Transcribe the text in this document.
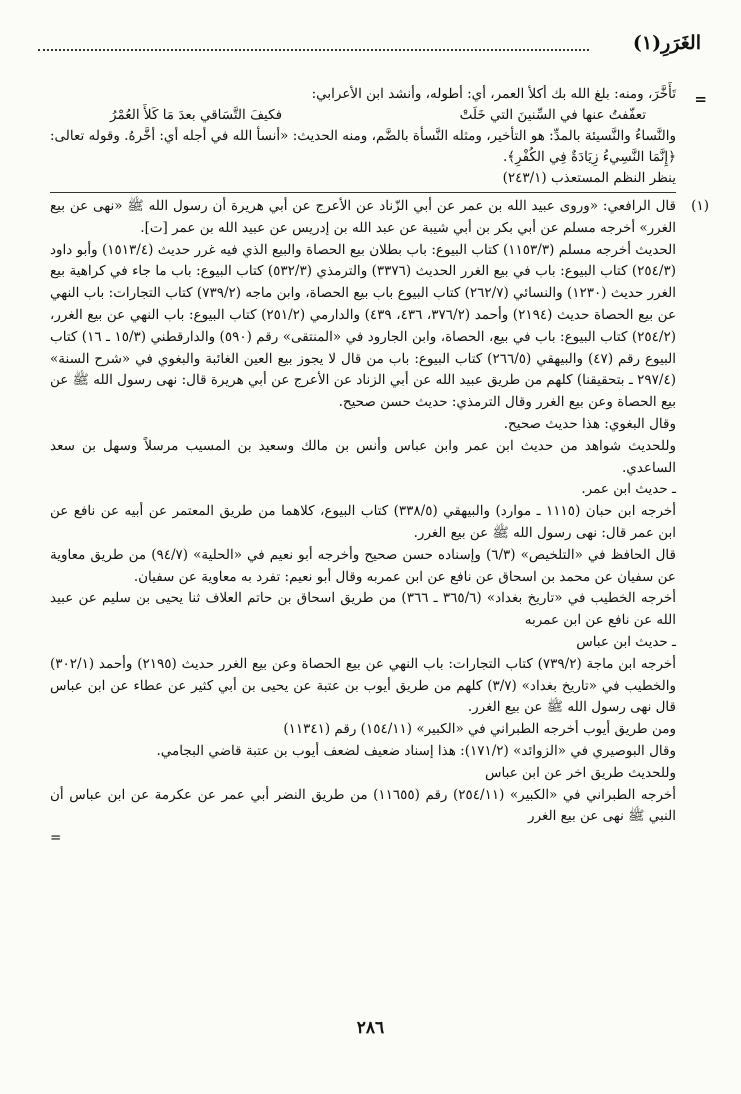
الغَرَرِ(١)
=

تَأَخَّرَ، ومنه: بلغ الله بك أكلأ العمر، أي: أطوله، وأنشد ابن الأعرابي:

تعفّفتُ عنها في السِّنينَ التي خَلَتْ
فكيفَ التَّسَاقي بعدَ مَا كَلأَ العُمْرُ

والنَّساءُ والنَّسيئة بالمدِّ: هو التأخير، ومثله النَّسأة بالضَّم، ومنه الحديث: «أنسأ الله في أجله أي: أخَّرهُ. وقوله تعالى: ﴿إِنَّمَا النَّسِيءُ زِيَادَةٌ فِي الكُفْرِ﴾.

ينظر النظم المستعذب (٢٤٣/١)

(١)

قال الرافعي: «وروى عبيد الله بن عمر عن أبي الزّناد عن الأعرج عن أبي هريرة أن رسول الله ﷺ «نهى عن بيع الغرر» أخرجه مسلم عن أبي بكر بن أبي شيبة عن عبد الله بن إدريس عن عبيد الله بن عمر [ت].

الحديث أخرجه مسلم (١١٥٣/٣) كتاب البيوع: باب بطلان بيع الحصاة والبيع الذي فيه غرر حديث (١٥١٣/٤) وأبو داود (٢٥٤/٣) كتاب البيوع: باب في بيع الغرر الحديث (٣٣٧٦) والترمذي (٥٣٢/٣) كتاب البيوع: باب ما جاء في كراهية بيع الغرر حديث (١٢٣٠) والنسائي (٢٦٢/٧) كتاب البيوع باب بيع الحصاة، وابن ماجه (٧٣٩/٢) كتاب التجارات: باب النهي عن بيع الحصاة حديث (٢١٩٤) وأحمد (٣٧٦/٢، ٤٣٦، ٤٣٩) والدارمي (٢٥١/٢) كتاب البيوع: باب النهي عن بيع الغرر، (٢٥٤/٢) كتاب البيوع: باب في بيع، الحصاة، وابن الجارود في «المنتقى» رقم (٥٩٠) والدارقطني (١٥/٣ ـ ١٦) كتاب البيوع رقم (٤٧) والبيهقي (٢٦٦/٥) كتاب البيوع: باب من قال لا يجوز بيع العين الغائبة والبغوي في «شرح السنة» (٢٩٧/٤ ـ بتحقيقنا) كلهم من طريق عبيد الله عن أبي الزناد عن الأعرج عن أبي هريرة قال: نهى رسول الله ﷺ عن بيع الحصاة وعن بيع الغرر وقال الترمذي: حديث حسن صحيح.

وقال البغوي: هذا حديث صحيح.

وللحديث شواهد من حديث ابن عمر وابن عباس وأنس بن مالك وسعيد بن المسيب مرسلاً وسهل بن سعد الساعدي.

ـ حديث ابن عمر.

أخرجه ابن حبان (١١١٥ ـ موارد) والبيهقي (٣٣٨/٥) كتاب البيوع، كلاهما من طريق المعتمر عن أبيه عن نافع عن ابن عمر قال: نهى رسول الله ﷺ عن بيع الغرر.

قال الحافظ في «التلخيص» (٦/٣) وإسناده حسن صحيح وأخرجه أبو نعيم في «الحلية» (٩٤/٧) من طريق معاوية عن سفيان عن محمد بن اسحاق عن نافع عن ابن عمربه وقال أبو نعيم: تفرد به معاوية عن سفيان.

أخرجه الخطيب في «تاريخ بغداد» (٣٦٥/٦ ـ ٣٦٦) من طريق اسحاق بن حاتم العلاف ثنا يحيى بن سليم عن عبيد الله عن نافع عن ابن عمربه

ـ حديث ابن عباس

أخرجه ابن ماجة (٧٣٩/٢) كتاب التجارات: باب النهي عن بيع الحصاة وعن بيع الغرر حديث (٢١٩٥) وأحمد (٣٠٢/١) والخطيب في «تاريخ بغداد» (٣/٧) كلهم من طريق أيوب بن عتبة عن يحيى بن أبي كثير عن عطاء عن ابن عباس قال نهى رسول الله ﷺ عن بيع الغرر.

ومن طريق أيوب أخرجه الطبراني في «الكبير» (١٥٤/١١) رقم (١١٣٤١)

وقال البوصيري في «الزوائد» (١٧١/٢): هذا إسناد ضعيف لضعف أيوب بن عتبة قاضي البجامي.

وللحديث طريق اخر عن ابن عباس

أخرجه الطبراني في «الكبير» (٢٥٤/١١) رقم (١١٦٥٥) من طريق النضر أبي عمر عن عكرمة عن ابن عباس أن النبي ﷺ نهى عن بيع الغرر

=

٢٨٦
